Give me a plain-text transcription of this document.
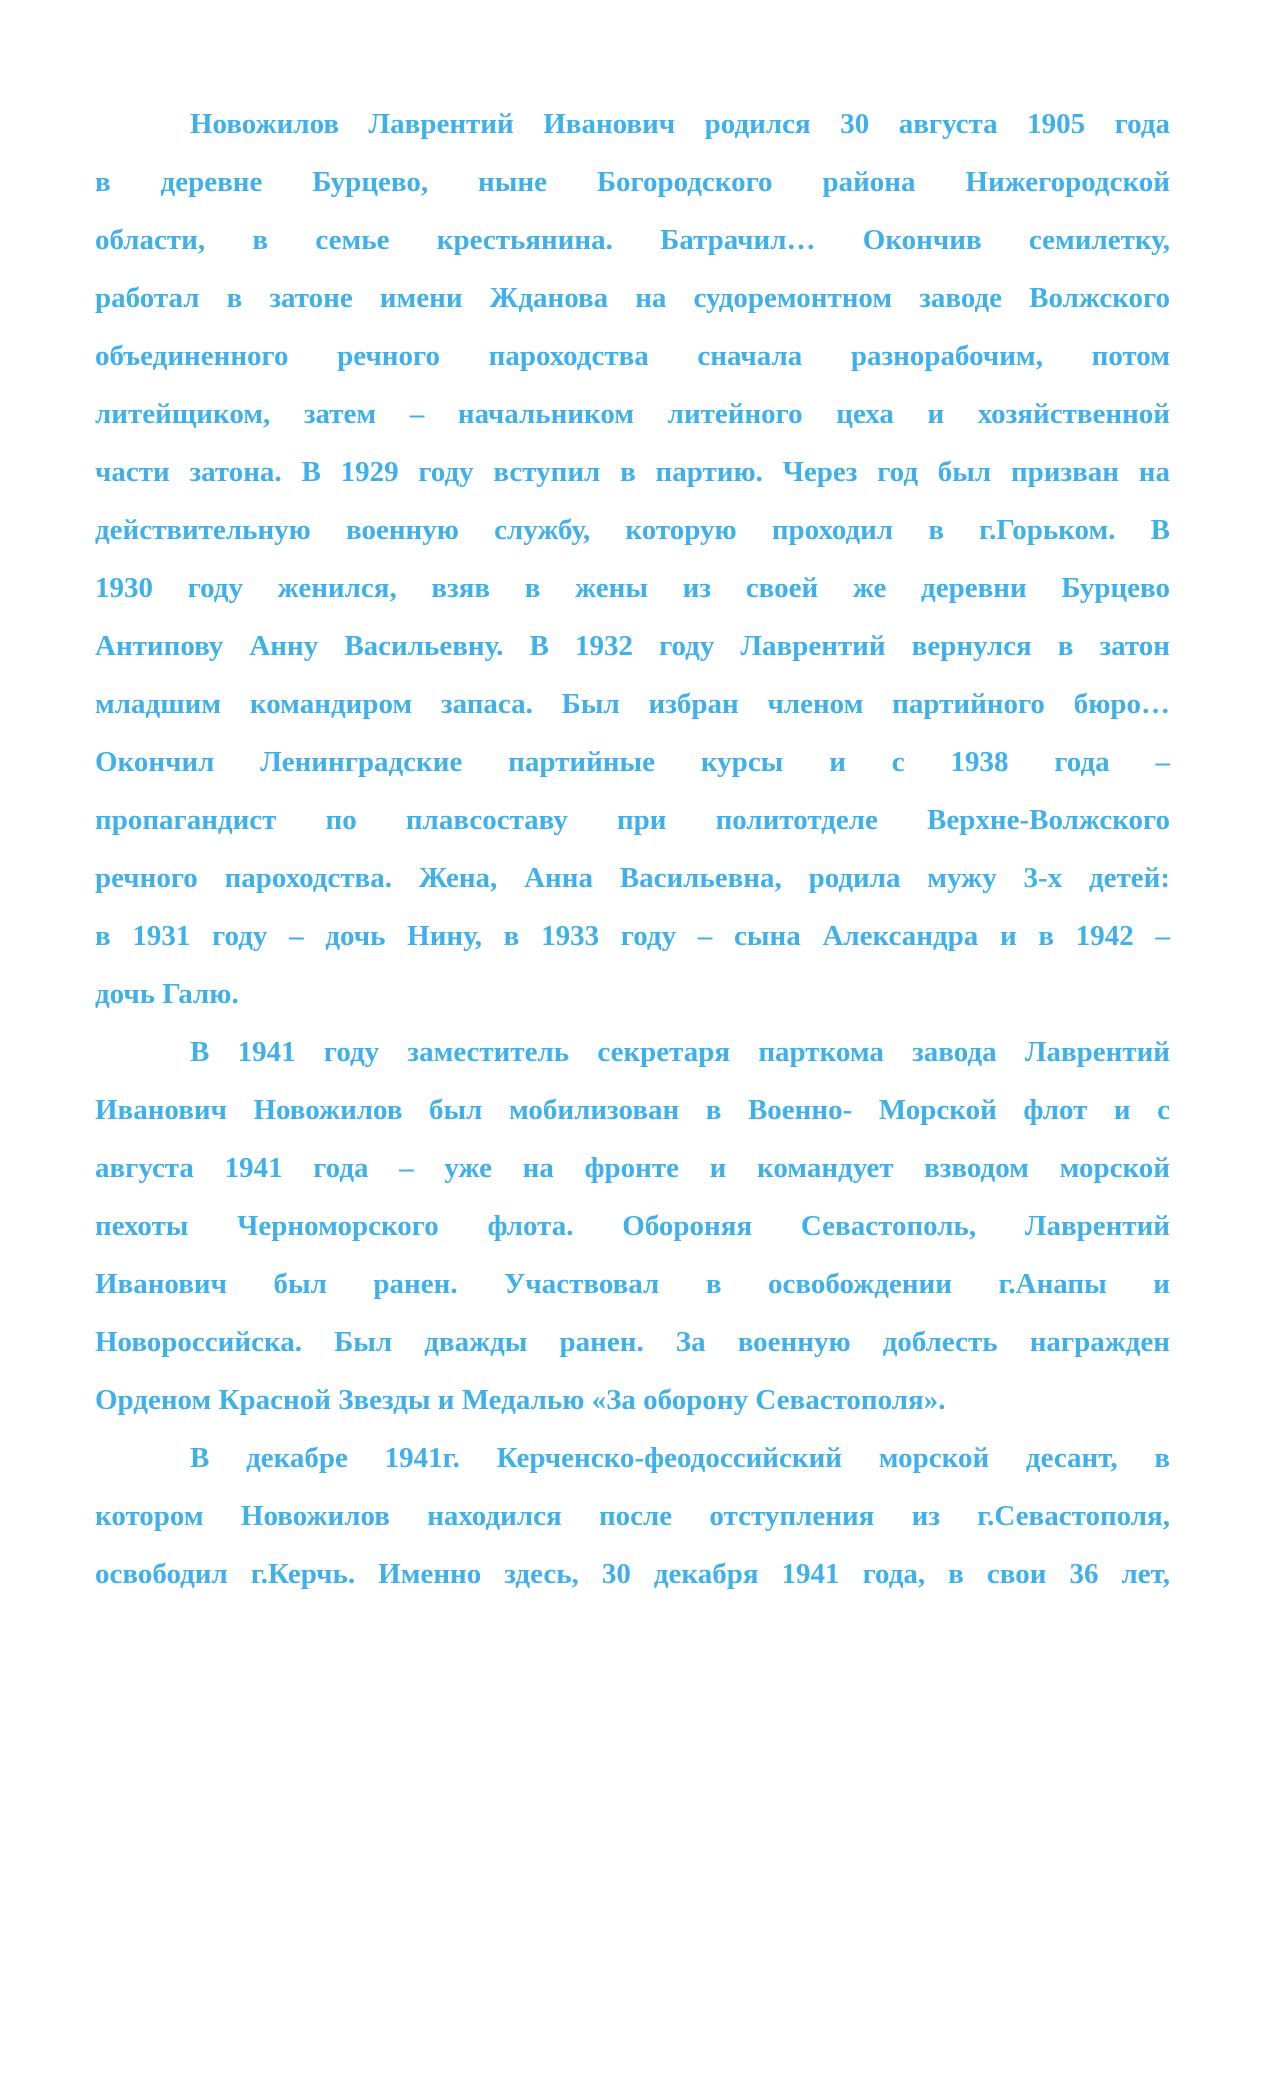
Новожилов Лаврентий Иванович родился 30 августа 1905 года
в деревне Бурцево, ныне Богородского района Нижегородской
области, в семье крестьянина. Батрачил… Окончив семилетку,
работал в затоне имени Жданова на судоремонтном заводе Волжского
объединенного речного пароходства сначала разнорабочим, потом
литейщиком, затем – начальником литейного цеха и хозяйственной
части затона. В 1929 году вступил в партию. Через год был призван на
действительную военную службу, которую проходил в г.Горьком. В
1930 году женился, взяв в жены из своей же деревни Бурцево
Антипову Анну Васильевну. В 1932 году Лаврентий вернулся в затон
младшим командиром запаса. Был избран членом партийного бюро…
Окончил Ленинградские партийные курсы и с 1938 года –
пропагандист по плавсоставу при политотделе Верхне-Волжского
речного пароходства. Жена, Анна Васильевна, родила мужу 3-х детей:
в 1931 году – дочь Нину, в 1933 году – сына Александра и в 1942 –
дочь Галю.
В 1941 году заместитель секретаря парткома завода Лаврентий
Иванович Новожилов был мобилизован в Военно- Морской флот и с
августа 1941 года – уже на фронте и командует взводом морской
пехоты Черноморского флота. Обороняя Севастополь, Лаврентий
Иванович был ранен. Участвовал в освобождении г.Анапы и
Новороссийска. Был дважды ранен. За военную доблесть награжден
Орденом Красной Звезды и Медалью «За оборону Севастополя».
В декабре 1941г. Керченско-феодоссийский морской десант, в
котором Новожилов находился после отступления из г.Севастополя,
освободил г.Керчь. Именно здесь, 30 декабря 1941 года, в свои 36 лет,
